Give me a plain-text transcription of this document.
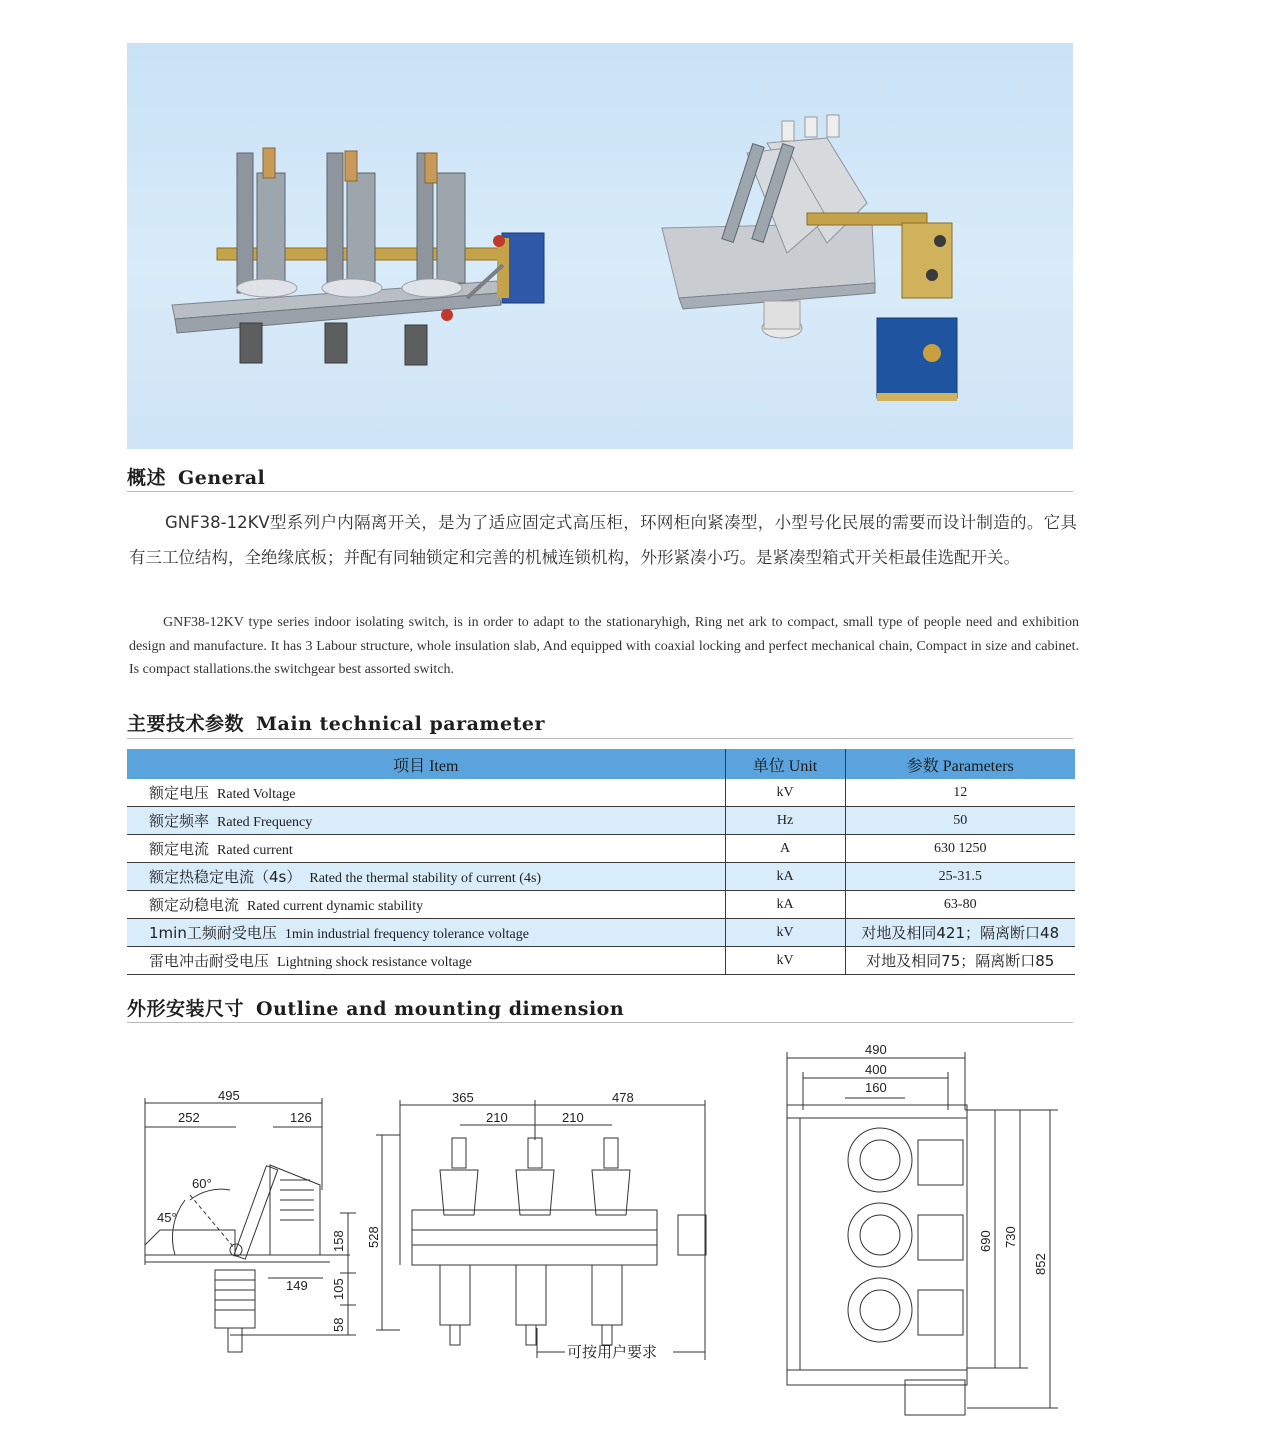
概述 General

GNF38-12KV型系列户内隔离开关，是为了适应固定式高压柜，环网柜向紧凑型，小型号化民展的需要而设计制造的。它具有三工位结构，全绝缘底板；并配有同轴锁定和完善的机械连锁机构，外形紧凑小巧。是紧凑型箱式开关柜最佳选配开关。

GNF38-12KV type series indoor isolating switch, is in order to adapt to the stationaryhigh, Ring net ark to compact, small type of people need and exhibition design and manufacture. It has 3 Labour structure, whole insulation slab, And equipped with coaxial locking and perfect mechanical chain, Compact in size and cabinet. Is compact stallations.the switchgear best assorted switch.

主要技术参数 Main technical parameter
项目 Item	单位 Unit	参数 Parameters
额定电压 Rated Voltage	kV	12
额定频率 Rated Frequency	Hz	50
额定电流 Rated current	A	630 1250
额定热稳定电流（4s） Rated the thermal stability of current (4s)	kA	25-31.5
额定动稳电流 Rated current dynamic stability	kA	63-80
1min工频耐受电压 1min industrial frequency tolerance voltage	kV	对地及相同421；隔离断口48
雷电冲击耐受电压 Lightning shock resistance voltage	kV	对地及相同75；隔离断口85
外形安装尺寸 Outline and mounting dimension
495
252	126
60°
45°
158
149 105
58
365	478
210	210
528
可按用户要求
490
400
160
690 730
852
